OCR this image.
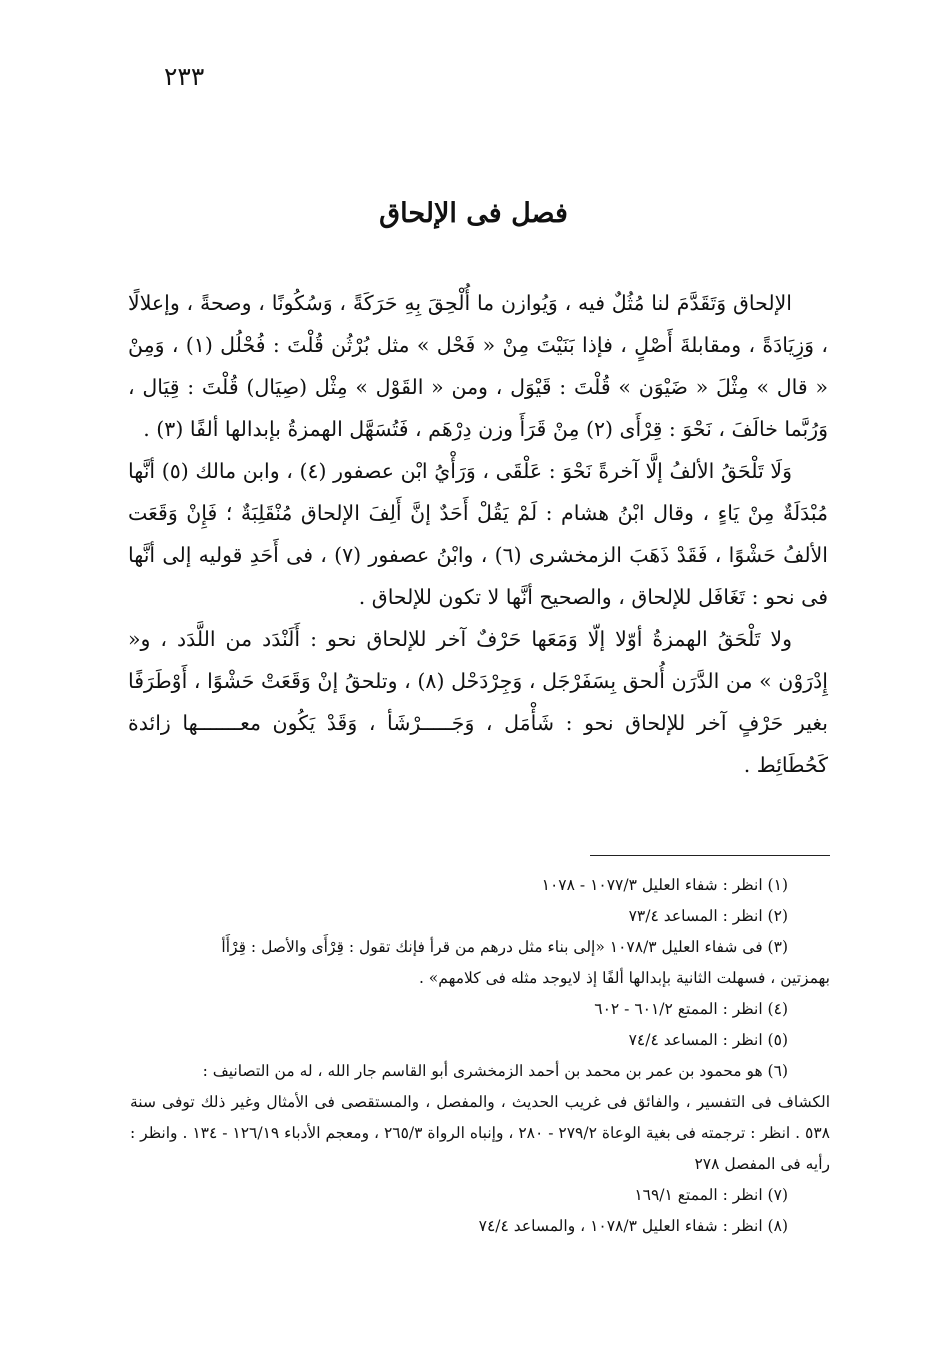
٢٣٣
فصل فى الإلحاق

الإلحاق وَتَقَدَّمَ لنا مُثُلٌ فيه ، وَيُوازن ما أُلْحِقَ بِهِ حَرَكَةً ، وَسُكُونًا ، وصحةً ، وإعلالًا ، وَزِيَادَةً ، ومقابلةَ أَصْلٍ ، فإذا بَنَيْتَ مِنْ « فَحْل » مثل بُرْثُن قُلْتَ : فُحْلُل (١) ، وَمِنْ « قال » مِثْلَ « ضَيْوَن » قُلْتَ : قَيْوَل ، ومن « القَوْل » مِثْل (صِيَال) قُلْتَ : قِيَال ، وَرُبَّما خالَفَ ، نَحْوَ : قِرْأَى (٢) مِنْ قَرَأَ وزن دِرْهَم ، فَتُسَهَّل الهمزةُ بإبدالها ألفًا (٣) .

وَلَا تَلْحَقُ الألفُ إلَّا آخرةً نَحْوَ : عَلْقَى ، وَرَأْيُ ابْن عصفور (٤) ، وابن مالك (٥) أنَّها مُبْدَلَةٌ مِنْ يَاءٍ ، وقال ابْنُ هشام : لَمْ يَقُلْ أَحَدٌ إنَّ أَلِفَ الإلحاق مُنْقَلِبَةٌ ؛ فَإِنْ وَقَعَت الألفُ حَشْوًا ، فَقَدْ ذَهَبَ الزمخشرى (٦) ، وابْنُ عصفور (٧) ، فى أَحَدِ قوليه إلى أنَّها فى نحو : تَغَافَل للإلحاق ، والصحيح أنَّها لا تكون للإلحاق .

ولا تَلْحَقُ الهمزةُ أوّلا إلّا وَمَعَها حَرْفٌ آخر للإلحاق نحو : أَلَنْدَد من اللَّدَد ، و« إِدْرَوْن » من الدَّرَن أُلحق بِسَفَرْجَل ، وَجِرْدَحْل (٨) ، وتلحقُ إنْ وَقَعَتْ حَشْوًا ، أَوْطَرَفًا بغير حَرْفٍ آخر للإلحاق نحو : شَأْمَل ، وَجَـــــرْشَأ ، وَقَدْ يَكُون معـــــــها زائدة كَحُطَائِط .

(١) انظر : شفاء العليل ١٠٧٧/٣ - ١٠٧٨

(٢) انظر : المساعد ٧٣/٤

(٣) فى شفاء العليل ١٠٧٨/٣ «إلى بناء مثل درهم من قرأ فإنك تقول : قِرْأَى والأصل : قِرْأَأ

بهمزتين ، فسهلت الثانية بإبدالها ألفًا إذ لايوجد مثله فى كلامهم» .

(٤) انظر : الممتع ٦٠١/٢ - ٦٠٢

(٥) انظر : المساعد ٧٤/٤

(٦) هو محمود بن عمر بن محمد بن أحمد الزمخشرى أبو القاسم جار الله ، له من التصانيف :

الكشاف فى التفسير ، والفائق فى غريب الحديث ، والمفصل ، والمستقصى فى الأمثال وغير ذلك توفى سنة ٥٣٨ . انظر : ترجمته فى بغية الوعاة ٢٧٩/٢ - ٢٨٠ ، وإنباه الرواة ٢٦٥/٣ ، ومعجم الأدباء ١٢٦/١٩ - ١٣٤ . وانظر : رأيه فى المفصل ٢٧٨

(٧) انظر : الممتع ١٦٩/١

(٨) انظر : شفاء العليل ١٠٧٨/٣ ، والمساعد ٧٤/٤
